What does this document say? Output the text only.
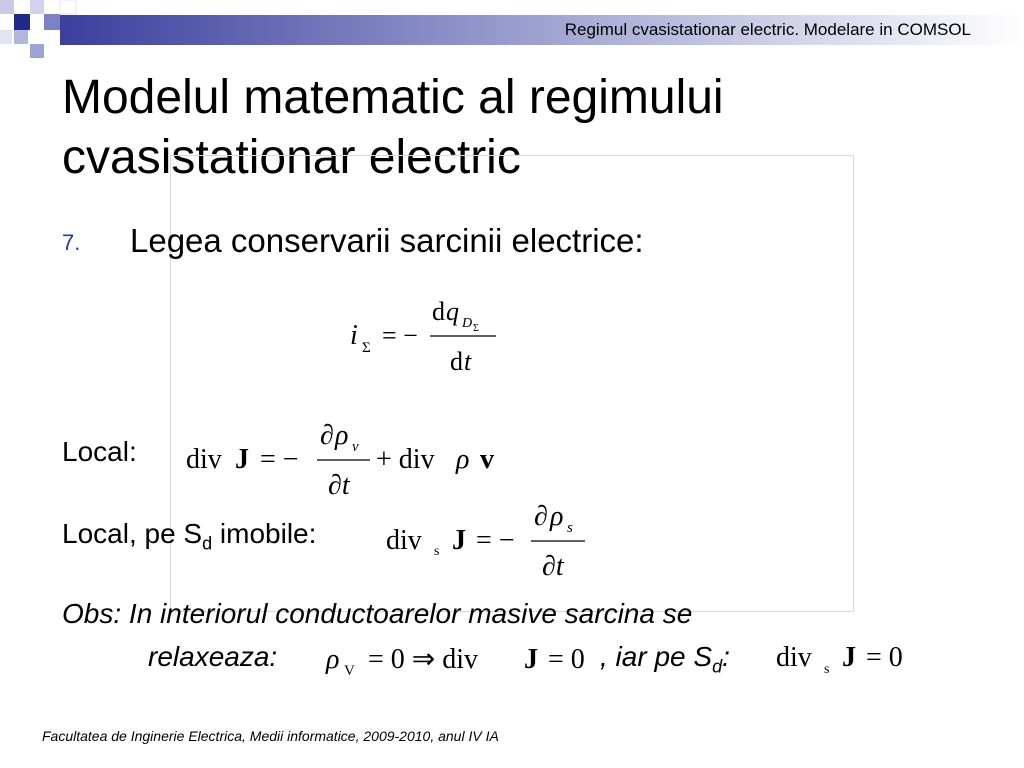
Regimul cvasistationar electric. Modelare in COMSOL
Modelul matematic al regimului
cvasistationar electric
7. Legea conservarii sarcinii electrice:
i Σ = −
d q D Σ
d t
Local: div J = −
∂ ρ v
∂t
+ div ρ v
Local, pe $S_d$ imobile: div s J = −
∂ ρ s
∂t
Obs: In interiorul conductoarelor masive sarcina se
relaxeaza: ρ V = 0 ⇒ div J = 0 , iar pe $S_d$: div s J = 0
Facultatea de Inginerie Electrica, Medii informatice, 2009-2010, anul IV IA
